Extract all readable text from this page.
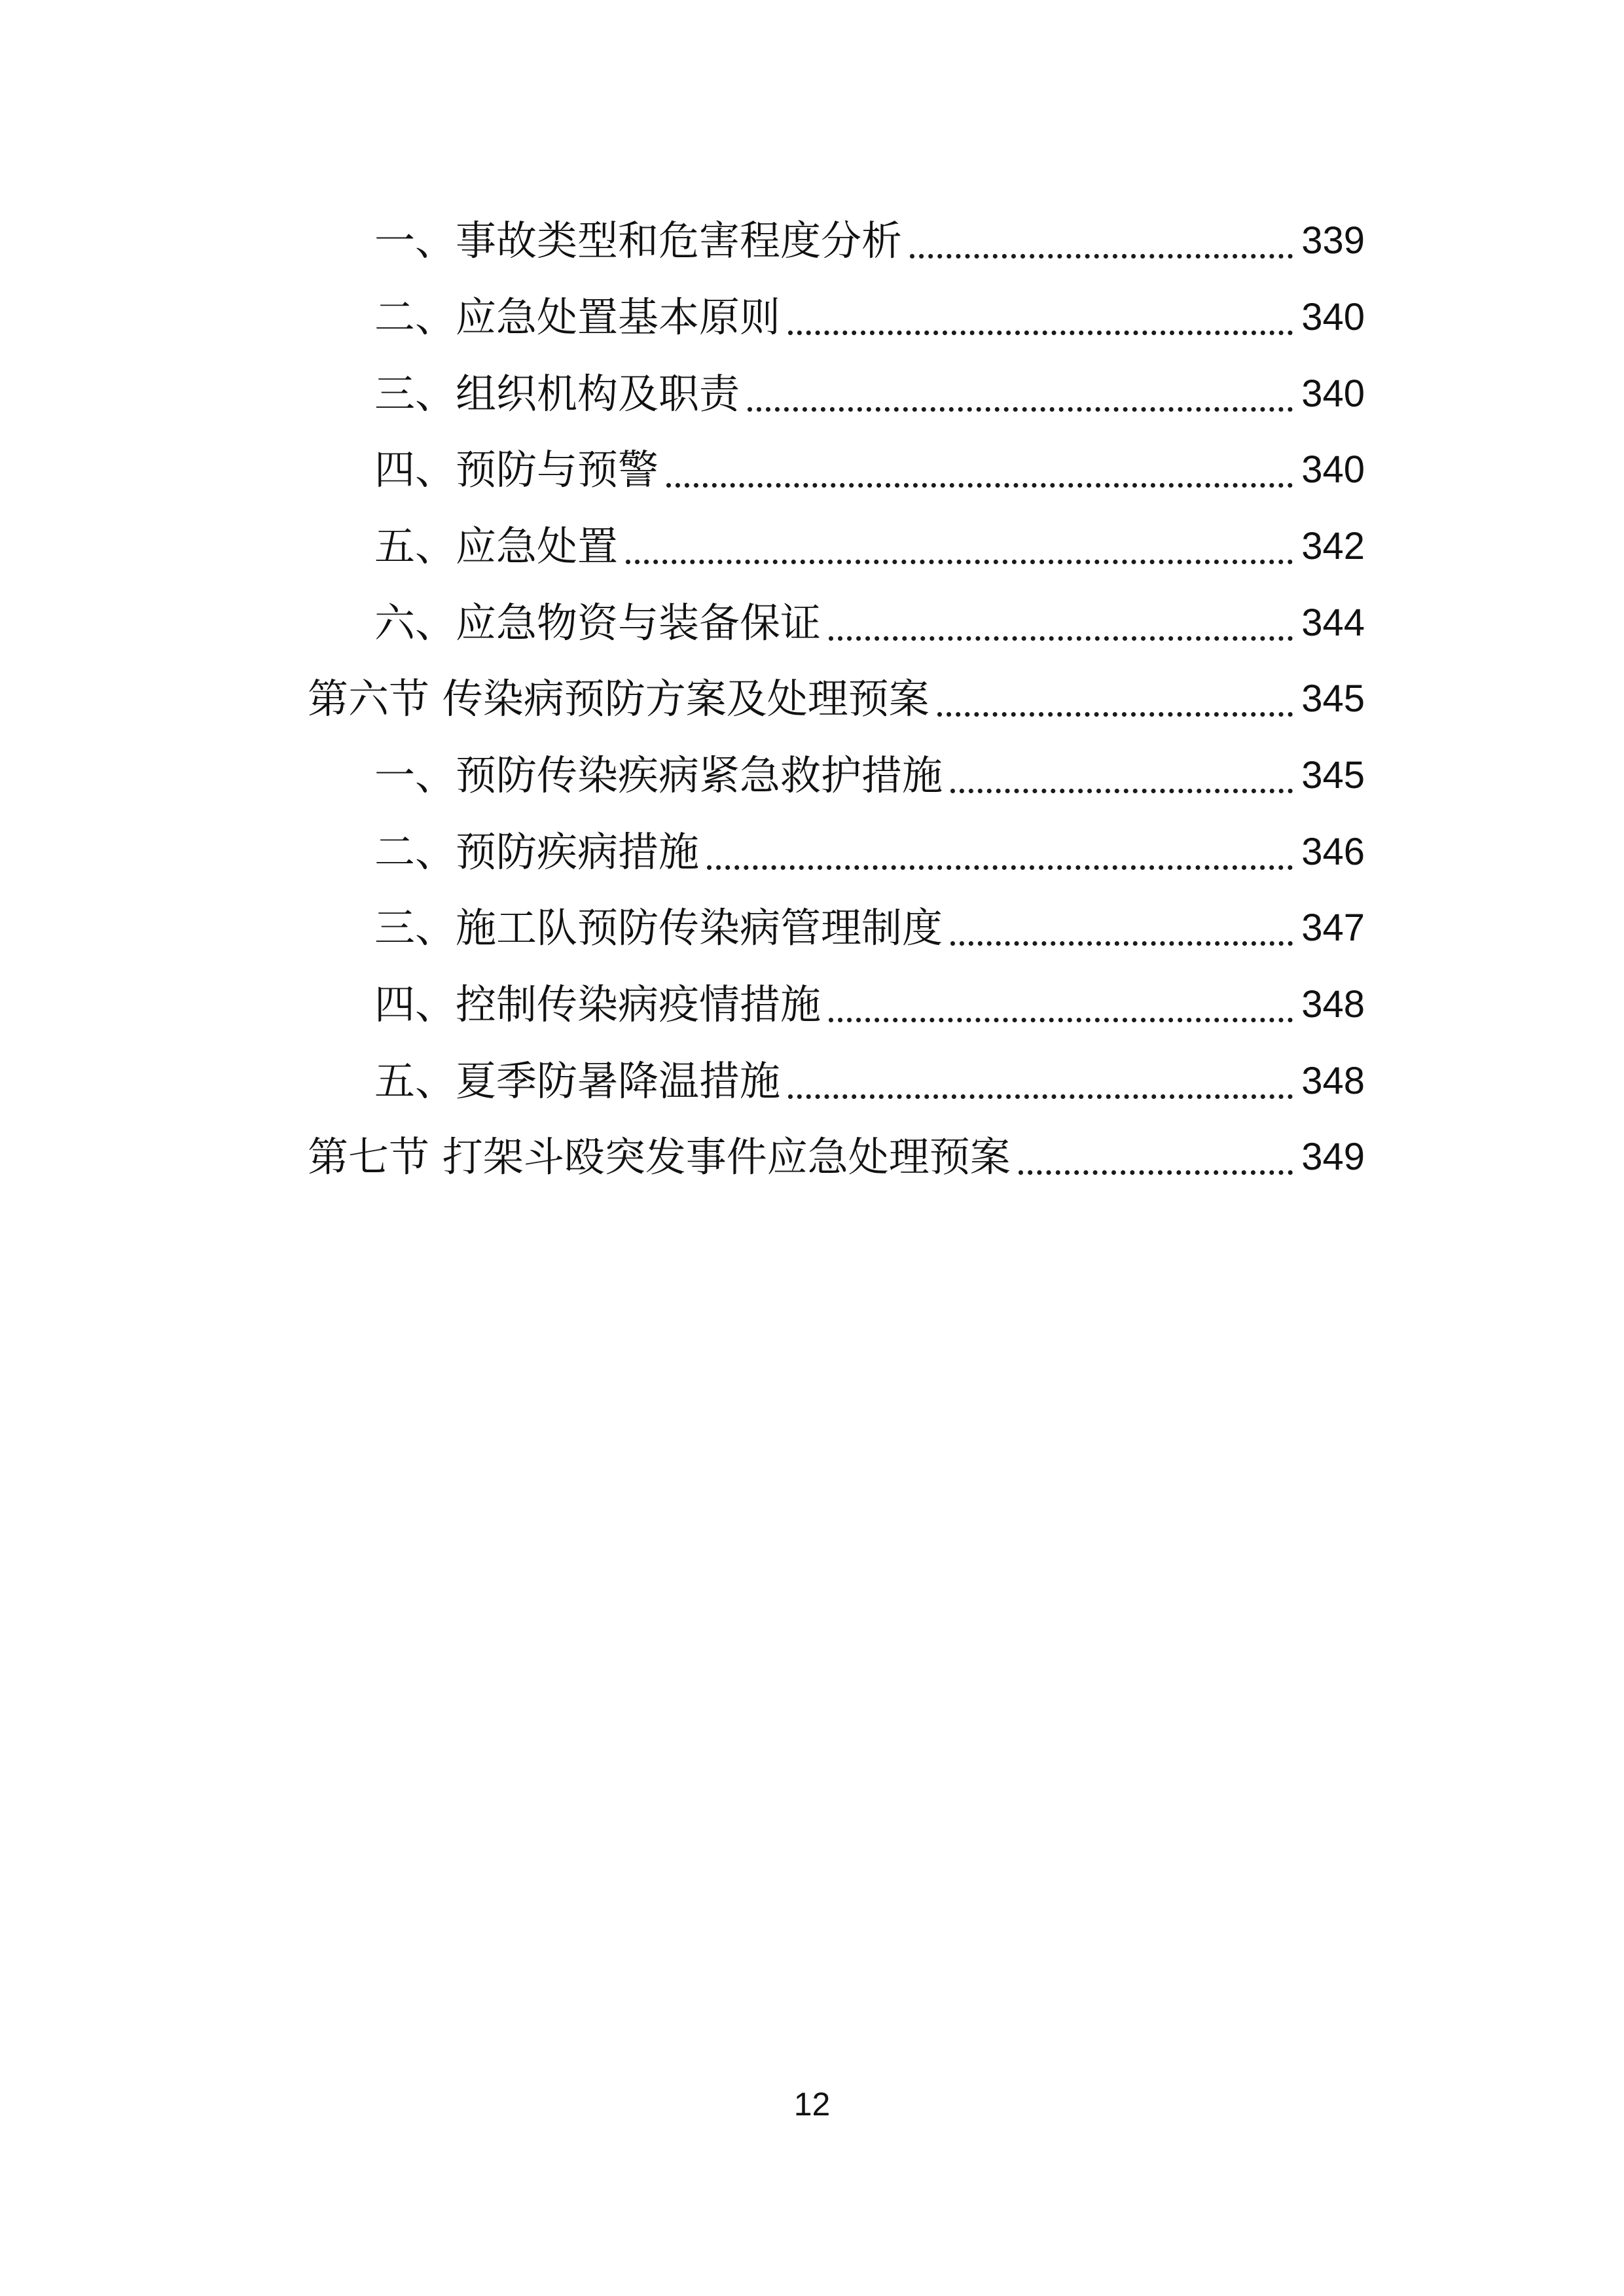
一、事故类型和危害程度分析	339
二、应急处置基本原则	340
三、组织机构及职责	340
四、预防与预警	340
五、应急处置	342
六、应急物资与装备保证	344
第六节 传染病预防方案及处理预案	345
一、预防传染疾病紧急救护措施	345
二、预防疾病措施	346
三、施工队预防传染病管理制度	347
四、控制传染病疫情措施	348
五、夏季防暑降温措施	348
第七节 打架斗殴突发事件应急处理预案	349
12
